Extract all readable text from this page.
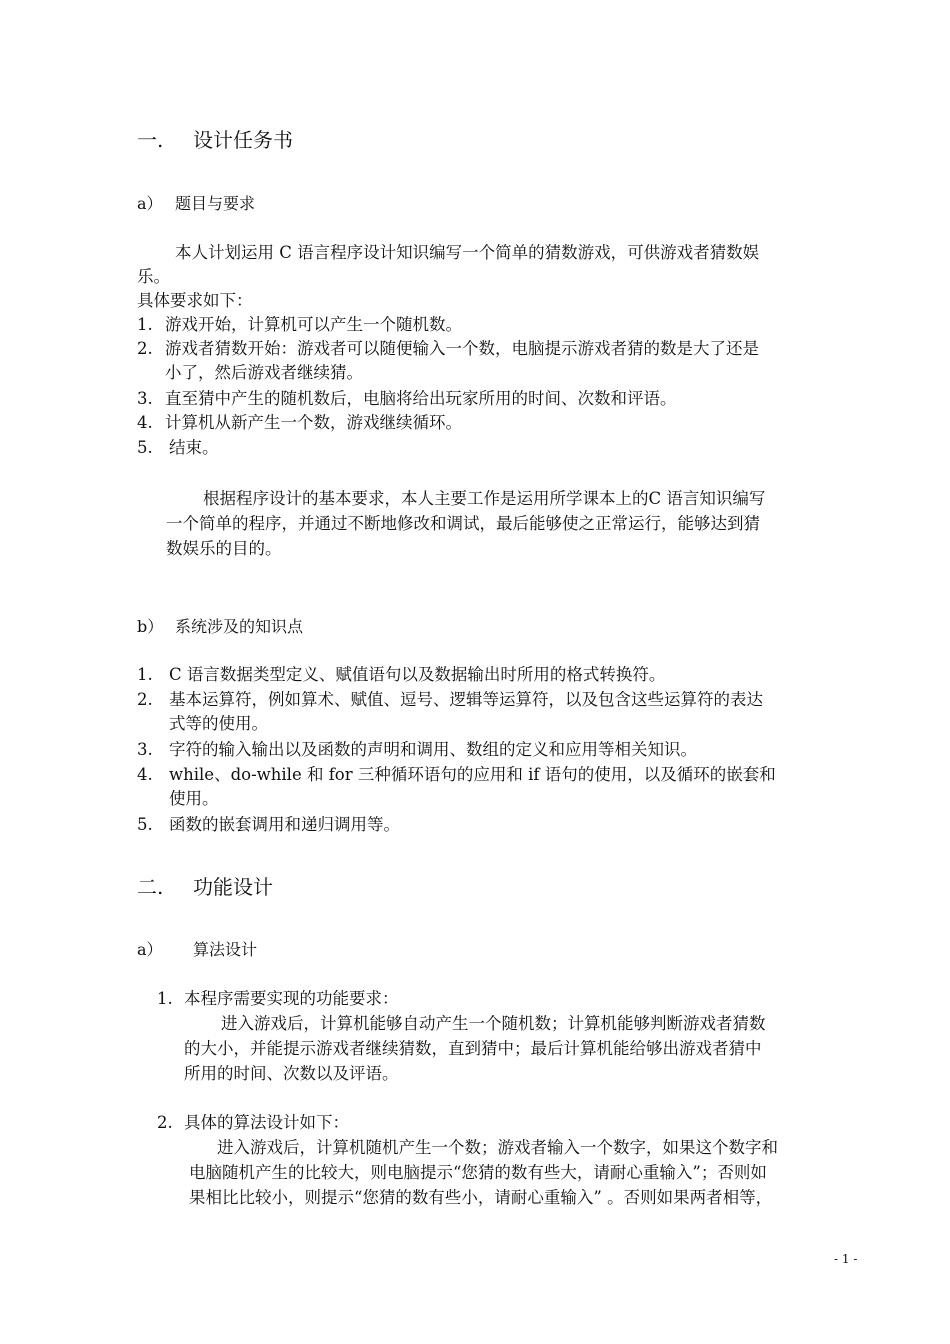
一. 设计任务书
a） 题目与要求
本人计划运用 C 语言程序设计知识编写一个简单的猜数游戏，可供游戏者猜数娱
乐。
具体要求如下：
1. 游戏开始，计算机可以产生一个随机数。
2. 游戏者猜数开始：游戏者可以随便输入一个数，电脑提示游戏者猜的数是大了还是
小了，然后游戏者继续猜。
3. 直至猜中产生的随机数后，电脑将给出玩家所用的时间、次数和评语。
4. 计算机从新产生一个数，游戏继续循环。
5. 结束。
根据程序设计的基本要求，本人主要工作是运用所学课本上的C 语言知识编写
一个简单的程序，并通过不断地修改和调试，最后能够使之正常运行，能够达到猜
数娱乐的目的。
b） 系统涉及的知识点
1. C 语言数据类型定义、赋值语句以及数据输出时所用的格式转换符。
2. 基本运算符，例如算术、赋值、逗号、逻辑等运算符，以及包含这些运算符的表达
式等的使用。
3. 字符的输入输出以及函数的声明和调用、数组的定义和应用等相关知识。
4. while、do-while 和 for 三种循环语句的应用和 if 语句的使用，以及循环的嵌套和
使用。
5. 函数的嵌套调用和递归调用等。
二. 功能设计
a） 算法设计
1. 本程序需要实现的功能要求：
进入游戏后，计算机能够自动产生一个随机数；计算机能够判断游戏者猜数
的大小，并能提示游戏者继续猜数，直到猜中；最后计算机能给够出游戏者猜中
所用的时间、次数以及评语。
2. 具体的算法设计如下：
进入游戏后，计算机随机产生一个数；游戏者输入一个数字，如果这个数字和
电脑随机产生的比较大，则电脑提示“您猜的数有些大，请耐心重输入”；否则如
果相比比较小，则提示“您猜的数有些小，请耐心重输入” 。否则如果两者相等，
- 1 -
